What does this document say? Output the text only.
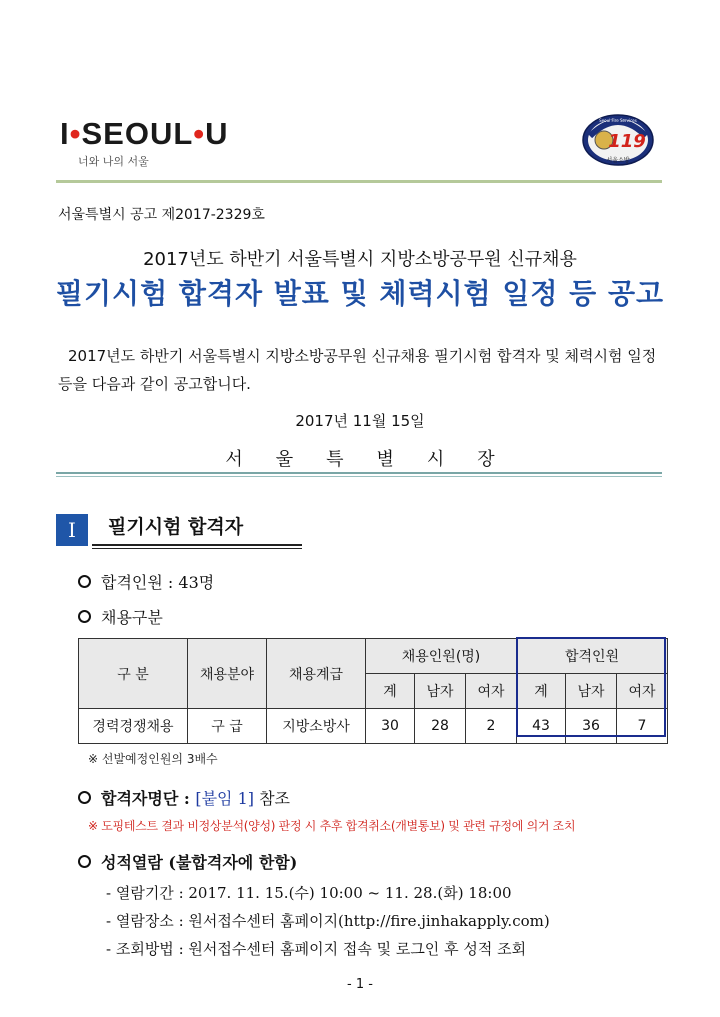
I•SEOUL•U
너와 나의 서울
119
서울소방
Seoul Fire Services
서울특별시 공고 제2017-2329호
2017년도 하반기 서울특별시 지방소방공무원 신규채용
필기시험 합격자 발표 및 체력시험 일정 등 공고
2017년도 하반기 서울특별시 지방소방공무원 신규채용 필기시험 합격자 및 체력시험 일정 등을 다음과 같이 공고합니다.
2017년 11월 15일
서울특별시장
I	필기시험 합격자
합격인원 : 43명
채용구분
구 분	채용분야	채용계급	채용인원(명)			합격인원		
			계	남자	여자	계	남자	여자
경력경쟁채용	구 급	지방소방사	30	28	2	43	36	7
※ 선발예정인원의 3배수
합격자명단 : [붙임 1] 참조
※ 도핑테스트 결과 비정상분석(양성) 판정 시 추후 합격취소(개별통보) 및 관련 규정에 의거 조치
성적열람 (불합격자에 한함)
- 열람기간 : 2017. 11. 15.(수) 10:00 ~ 11. 28.(화) 18:00
- 열람장소 : 원서접수센터 홈페이지(http://fire.jinhakapply.com)
- 조회방법 : 원서접수센터 홈페이지 접속 및 로그인 후 성적 조회
- 1 -
